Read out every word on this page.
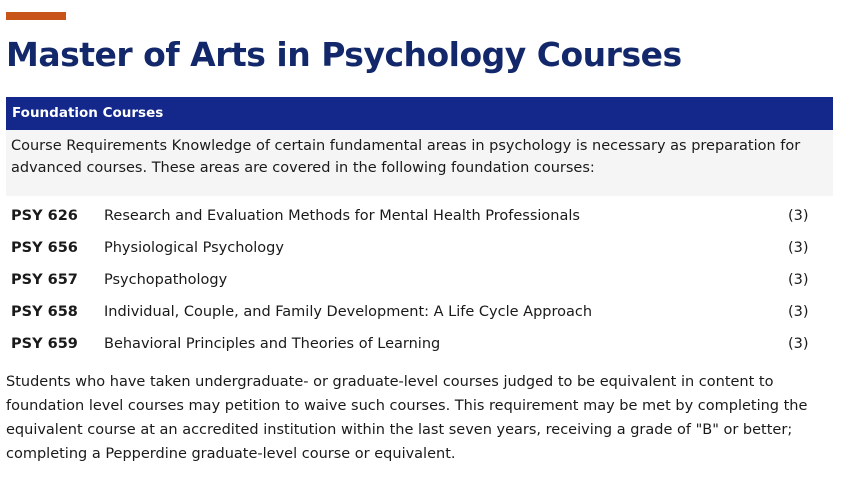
Master of Arts in Psychology Courses
Foundation Courses
Course Requirements Knowledge of certain fundamental areas in psychology is necessary as preparation for advanced courses. These areas are covered in the following foundation courses:
PSY 626	Research and Evaluation Methods for Mental Health Professionals	(3)
PSY 656	Physiological Psychology	(3)
PSY 657	Psychopathology	(3)
PSY 658	Individual, Couple, and Family Development: A Life Cycle Approach	(3)
PSY 659	Behavioral Principles and Theories of Learning	(3)

Students who have taken undergraduate- or graduate-level courses judged to be equivalent in content to foundation level courses may petition to waive such courses. This requirement may be met by completing the equivalent course at an accredited institution within the last seven years, receiving a grade of "B" or better; completing a Pepperdine graduate-level course or equivalent.
